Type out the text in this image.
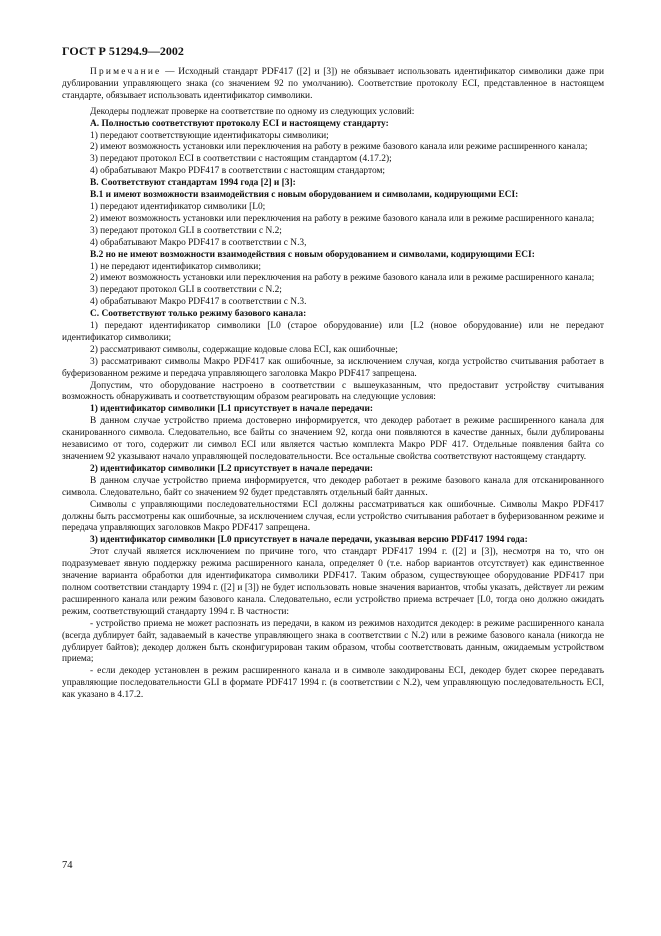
ГОСТ Р 51294.9—2002

Примечание — Исходный стандарт PDF417 ([2] и [3]) не обязывает использовать идентификатор символики даже при дублировании управляющего знака (со значением 92 по умолчанию). Соответствие протоколу ECI, представленное в настоящем стандарте, обязывает использовать идентификатор символики.

Декодеры подлежат проверке на соответствие по одному из следующих условий:

А. Полностью соответствуют протоколу ECI и настоящему стандарту:

1) передают соответствующие идентификаторы символики;

2) имеют возможность установки или переключения на работу в режиме базового канала или режиме расширенного канала;

3) передают протокол ECI в соответствии с настоящим стандартом (4.17.2);

4) обрабатывают Макро PDF417 в соответствии с настоящим стандартом;

В. Соответствуют стандартам 1994 года [2] и [3]:

В.1 и имеют возможности взаимодействия с новым оборудованием и символами, кодирующими ECI:

1) передают идентификатор символики [L0;

2) имеют возможность установки или переключения на работу в режиме базового канала или в режиме расширенного канала;

3) передают протокол GLI в соответствии с N.2;

4) обрабатывают Макро PDF417 в соответствии с N.3,

В.2 но не имеют возможности взаимодействия с новым оборудованием и символами, кодирующими ECI:

1) не передают идентификатор символики;

2) имеют возможность установки или переключения на работу в режиме базового канала или в режиме расширенного канала;

3) передают протокол GLI в соответствии с N.2;

4) обрабатывают Макро PDF417 в соответствии с N.3.

С. Соответствуют только режиму базового канала:

1) передают идентификатор символики [L0 (старое оборудование) или [L2 (новое оборудование) или не передают идентификатор символики;

2) рассматривают символы, содержащие кодовые слова ECI, как ошибочные;

3) рассматривают символы Макро PDF417 как ошибочные, за исключением случая, когда устройство считывания работает в буферизованном режиме и передача управляющего заголовка Макро PDF417 запрещена.

Допустим, что оборудование настроено в соответствии с вышеуказанным, что предоставит устройству считывания возможность обнаруживать и соответствующим образом реагировать на следующие условия:

1) идентификатор символики [L1 присутствует в начале передачи:

В данном случае устройство приема достоверно информируется, что декодер работает в режиме расширенного канала для сканированного символа. Следовательно, все байты со значением 92, когда они появляются в качестве данных, были дублированы независимо от того, содержит ли символ ECI или является частью комплекта Макро PDF 417. Отдельные появления байта со значением 92 указывают начало управляющей последовательности. Все остальные свойства соответствуют настоящему стандарту.

2) идентификатор символики [L2 присутствует в начале передачи:

В данном случае устройство приема информируется, что декодер работает в режиме базового канала для отсканированного символа. Следовательно, байт со значением 92 будет представлять отдельный байт данных.

Символы с управляющими последовательностями ECI должны рассматриваться как ошибочные. Символы Макро PDF417 должны быть рассмотрены как ошибочные, за исключением случая, если устройство считывания работает в буферизованном режиме и передача управляющих заголовков Макро PDF417 запрещена.

3) идентификатор символики [L0 присутствует в начале передачи, указывая версию PDF417 1994 года:

Этот случай является исключением по причине того, что стандарт PDF417 1994 г. ([2] и [3]), несмотря на то, что он подразумевает явную поддержку режима расширенного канала, определяет 0 (т.е. набор вариантов отсутствует) как единственное значение варианта обработки для идентификатора символики PDF417. Таким образом, существующее оборудование PDF417 при полном соответствии стандарту 1994 г. ([2] и [3]) не будет использовать новые значения вариантов, чтобы указать, действует ли режим расширенного канала или режим базового канала. Следовательно, если устройство приема встречает [L0, тогда оно должно ожидать режим, соответствующий стандарту 1994 г. В частности:

- устройство приема не может распознать из передачи, в каком из режимов находится декодер: в режиме расширенного канала (всегда дублирует байт, задаваемый в качестве управляющего знака в соответствии с N.2) или в режиме базового канала (никогда не дублирует байтов); декодер должен быть сконфигурирован таким образом, чтобы соответствовать данным, ожидаемым устройством приема;

- если декодер установлен в режим расширенного канала и в символе закодированы ECI, декодер будет скорее передавать управляющие последовательности GLI в формате PDF417 1994 г. (в соответствии с N.2), чем управляющую последовательность ECI, как указано в 4.17.2.

74
